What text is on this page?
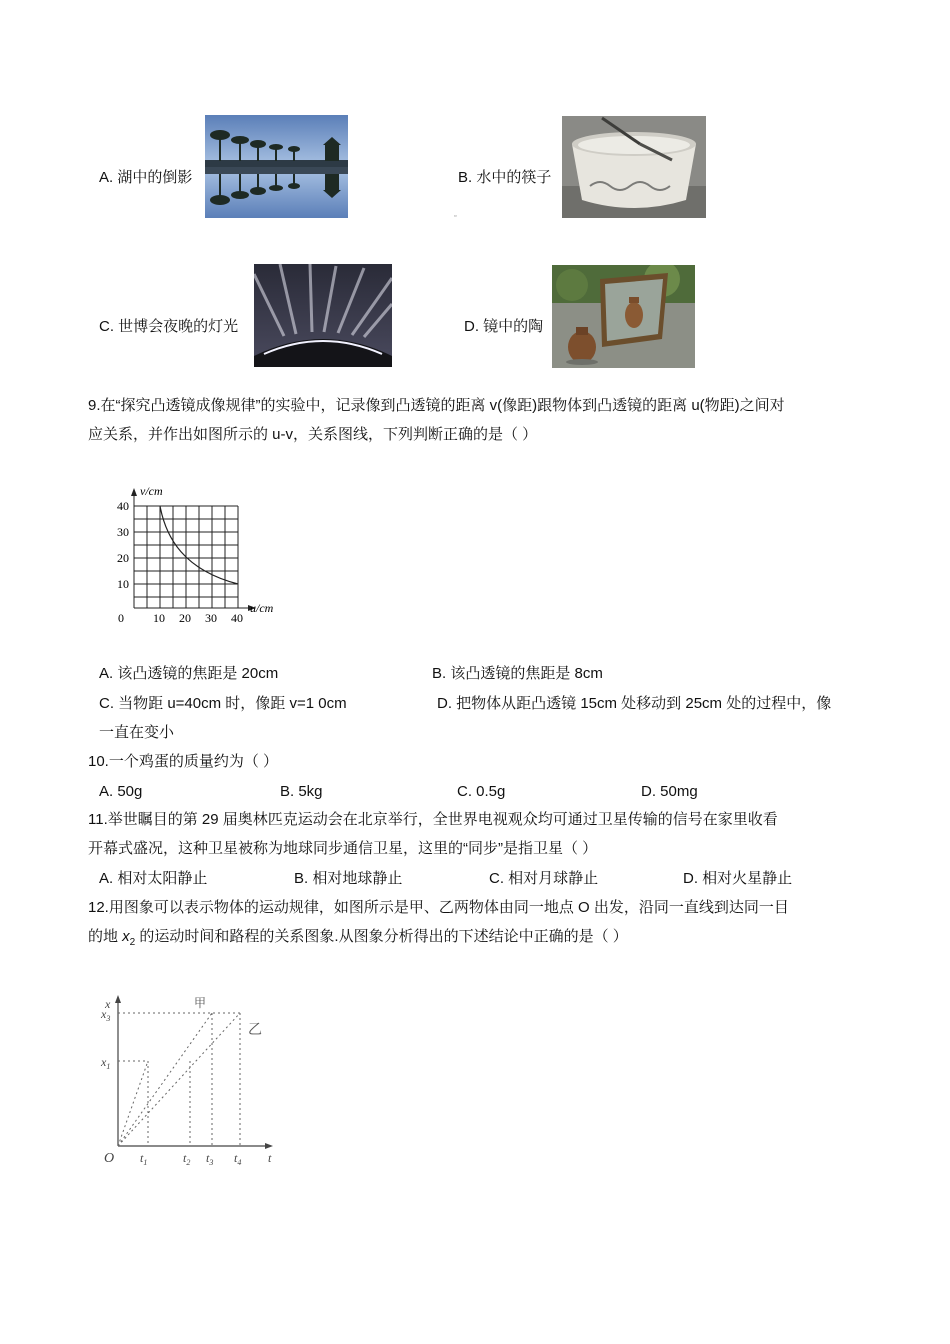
A. 湖中的倒影	B. 水中的筷子
▫
C. 世博会夜晚的灯光	D. 镜中的陶
9.在“探究凸透镜成像规律”的实验中，记录像到凸透镜的距离 v(像距)跟物体到凸透镜的距离 u(物距)之间对
应关系，并作出如图所示的 u-v，关系图线，下列判断正确的是（ ）
v/cm
u/cm
0 10 20 30 40
10
20
30
40
A. 该凸透镜的焦距是 20cm	B. 该凸透镜的焦距是 8cm
C. 当物距 u=40cm 时，像距 v=1 0cm	D. 把物体从距凸透镜 15cm 处移动到 25cm 处的过程中，像
一直在变小
10.一个鸡蛋的质量约为（ ）
A. 50g	B. 5kg	C. 0.5g	D. 50mg
11.举世瞩目的第 29 届奥林匹克运动会在北京举行，全世界电视观众均可通过卫星传输的信号在家里收看
开幕式盛况，这种卫星被称为地球同步通信卫星，这里的“同步”是指卫星（ ）
A. 相对太阳静止	B. 相对地球静止	C. 相对月球静止	D. 相对火星静止
12.用图象可以表示物体的运动规律，如图所示是甲、乙两物体由同一地点 O 出发，沿同一直线到达同一目
的地 $x_2$ 的运动时间和路程的关系图象.从图象分析得出的下述结论中正确的是（ ）
x
$x_3$
$x_1$
O $t_1$	$t_2$ $t_3$ $t_4$ t
甲
乙
